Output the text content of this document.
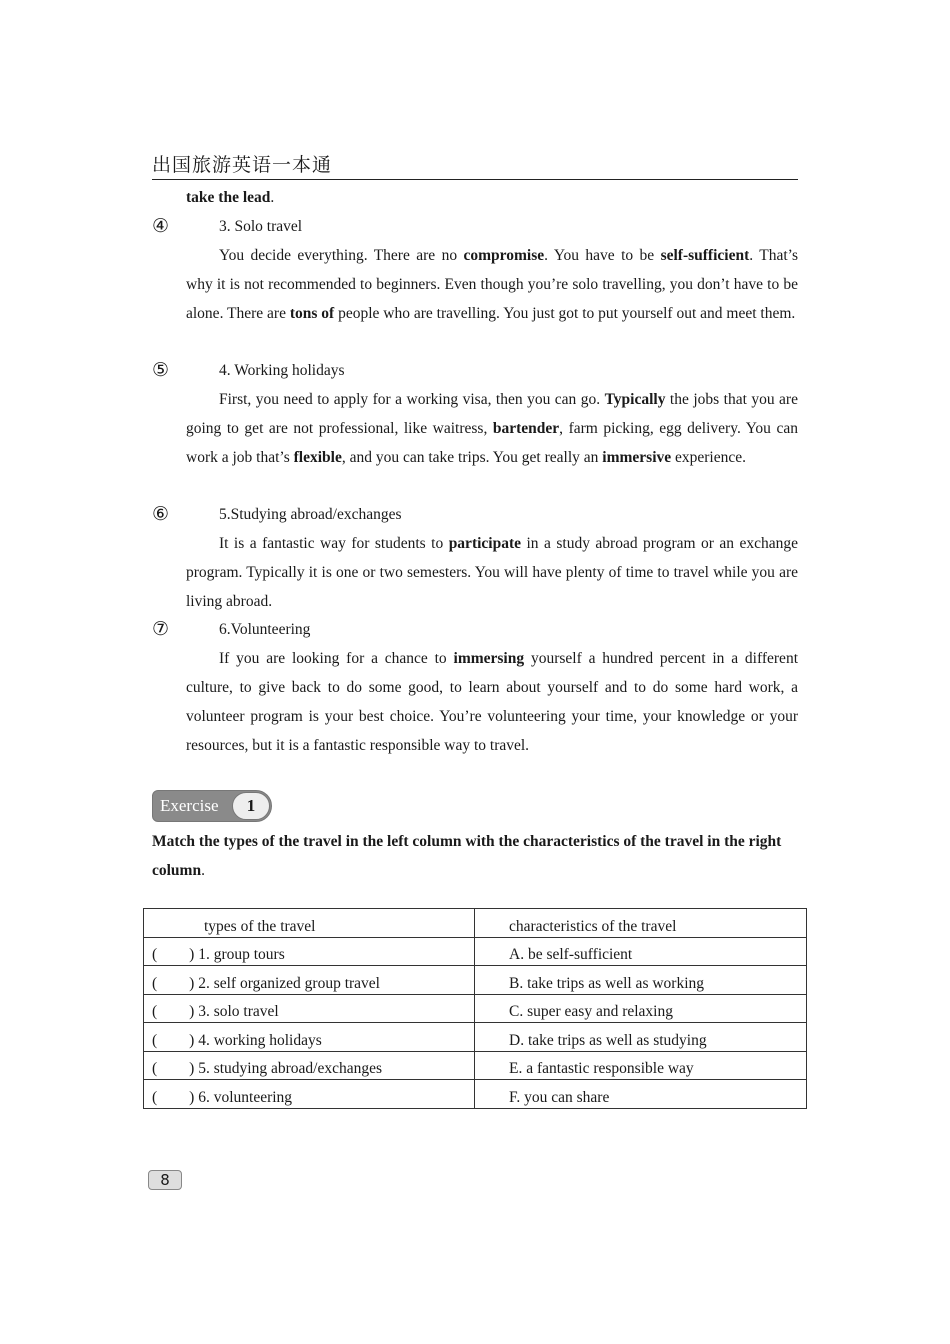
出国旅游英语一本通
take the lead.
④	3. Solo travel
You decide everything. There are no compromise. You have to be self-sufficient. That’s why it is not recommended to beginners. Even though you’re solo travelling, you don’t have to be alone. There are tons of people who are travelling. You just got to put yourself out and meet them.
⑤	4. Working holidays
First, you need to apply for a working visa, then you can go. Typically the jobs that you are going to get are not professional, like waitress, bartender, farm picking, egg delivery. You can work a job that’s flexible, and you can take trips. You get really an immersive experience.
⑥	5.Studying abroad/exchanges
It is a fantastic way for students to participate in a study abroad program or an exchange program. Typically it is one or two semesters. You will have plenty of time to travel while you are living abroad.
⑦	6.Volunteering
If you are looking for a chance to immersing yourself a hundred percent in a different culture, to give back to do some good, to learn about yourself and to do some hard work, a volunteer program is your best choice. You’re volunteering your time, your knowledge or your resources, but it is a fantastic responsible way to travel.
Exercise	1
Match the types of the travel in the left column with the characteristics of the travel in the right column.
types of the travel	characteristics of the travel
( ) 1. group tours	A. be self-sufficient
( ) 2. self organized group travel	B. take trips as well as working
( ) 3. solo travel	C. super easy and relaxing
( ) 4. working holidays	D. take trips as well as studying
( ) 5. studying abroad/exchanges	E. a fantastic responsible way
( ) 6. volunteering	F. you can share
8
